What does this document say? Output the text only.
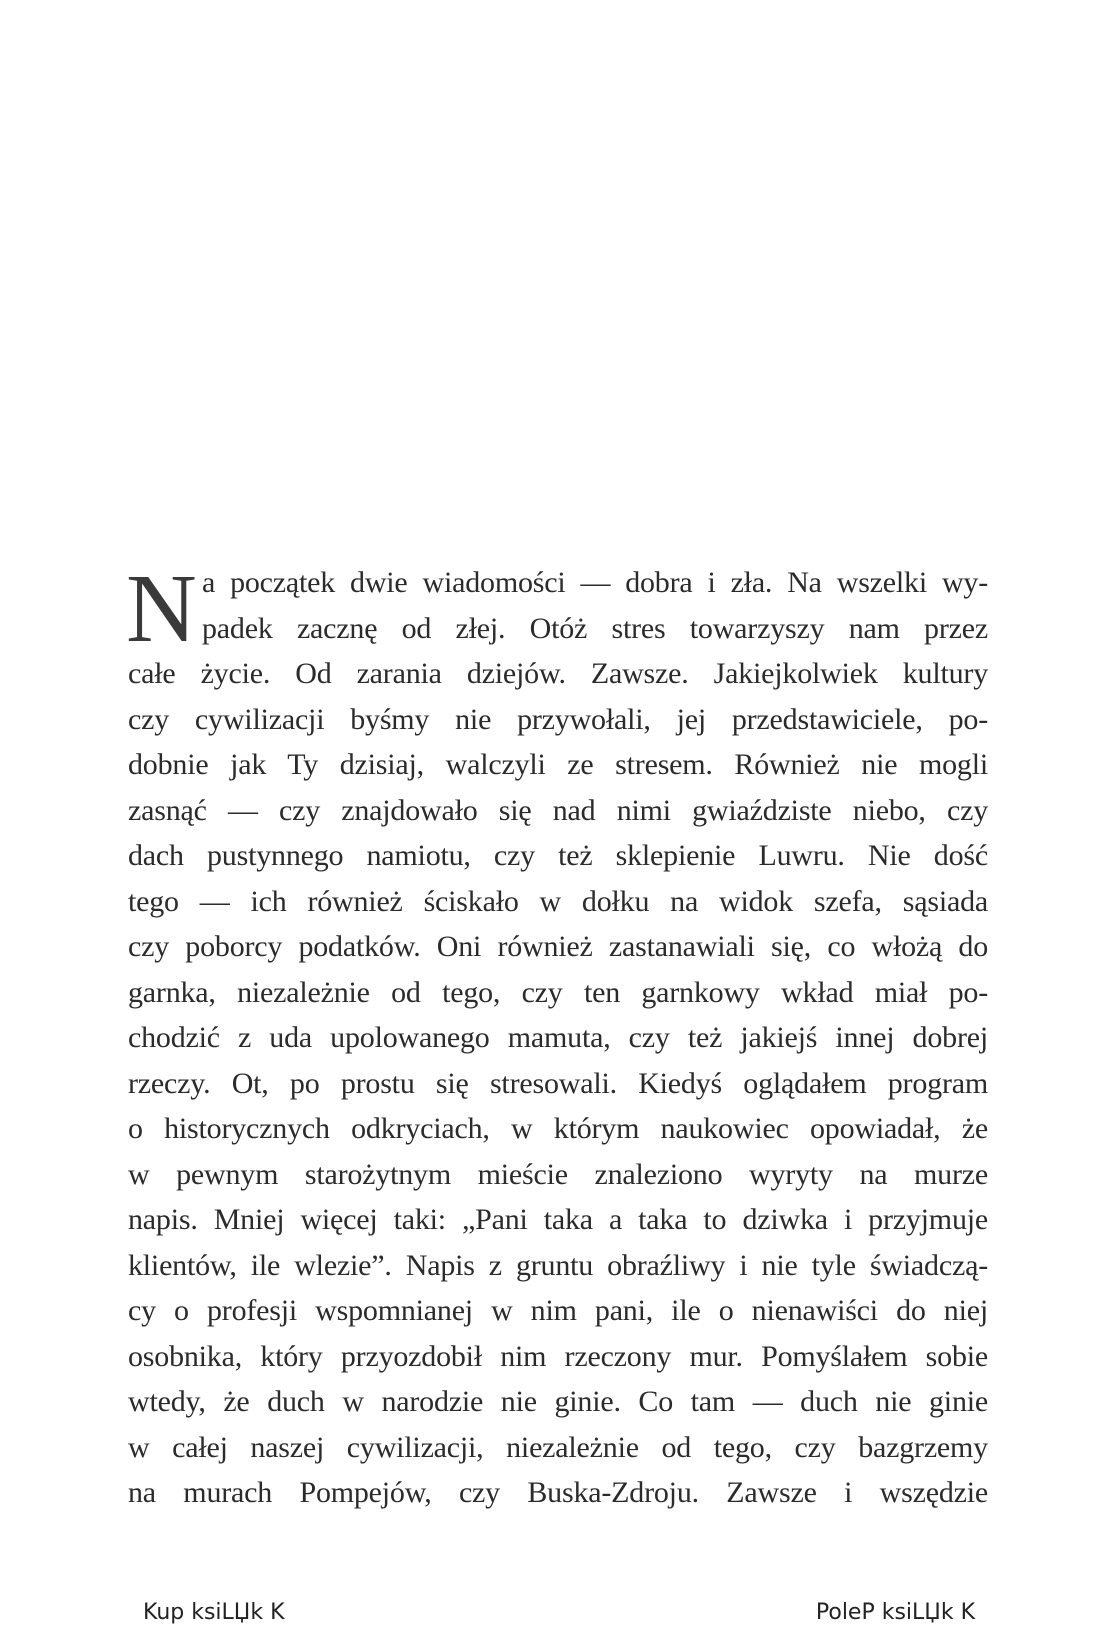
N a początek dwie wiadomości — dobra i zła. Na wszelki wy-
padek zacznę od złej. Otóż stres towarzyszy nam przez
całe życie. Od zarania dziejów. Zawsze. Jakiejkolwiek kultury
czy cywilizacji byśmy nie przywołali, jej przedstawiciele, po-
dobnie jak Ty dzisiaj, walczyli ze stresem. Również nie mogli
zasnąć — czy znajdowało się nad nimi gwiaździste niebo, czy
dach pustynnego namiotu, czy też sklepienie Luwru. Nie dość
tego — ich również ściskało w dołku na widok szefa, sąsiada
czy poborcy podatków. Oni również zastanawiali się, co włożą do
garnka, niezależnie od tego, czy ten garnkowy wkład miał po-
chodzić z uda upolowanego mamuta, czy też jakiejś innej dobrej
rzeczy. Ot, po prostu się stresowali. Kiedyś oglądałem program
o historycznych odkryciach, w którym naukowiec opowiadał, że
w pewnym starożytnym mieście znaleziono wyryty na murze
napis. Mniej więcej taki: „Pani taka a taka to dziwka i przyjmuje
klientów, ile wlezie”. Napis z gruntu obraźliwy i nie tyle świadczą-
cy o profesji wspomnianej w nim pani, ile o nienawiści do niej
osobnika, który przyozdobił nim rzeczony mur. Pomyślałem sobie
wtedy, że duch w narodzie nie ginie. Co tam — duch nie ginie
w całej naszej cywilizacji, niezależnie od tego, czy bazgrzemy
na murach Pompejów, czy Buska-Zdroju. Zawsze i wszędzie
Kup ksiLЏk K	PoleP ksiLЏk K
